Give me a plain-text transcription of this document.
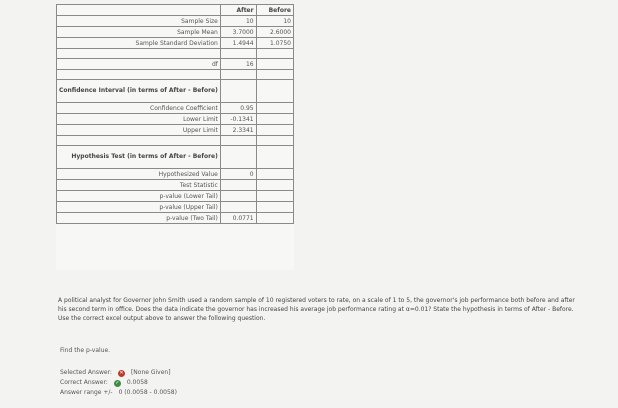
	After	Before
Sample Size	10	10
Sample Mean	3.7000	2.6000
Sample Standard Deviation	1.4944	1.0750

df	16	

Confidence Interval (in terms of After - Before)		
Confidence Coefficient	0.95	
Lower Limit	-0.1341	
Upper Limit	2.3341	

Hypothesis Test (in terms of After - Before)		
Hypothesized Value	0	
Test Statistic		
p-value (Lower Tail)		
p-value (Upper Tail)		
p-value (Two Tail)	0.0771	
A political analyst for Governor John Smith used a random sample of 10 registered voters to rate, on a scale of 1 to 5, the governor's job performance both before and after his second term in office. Does the data indicate the governor has increased his average job performance rating at α=0.01? State the hypothesis in terms of After - Before. Use the correct excel output above to answer the following question.
Find the p-value.
Selected Answer: ✕ [None Given]
Correct Answer: ✓ 0.0058
Answer range +/- 0 (0.0058 - 0.0058)
